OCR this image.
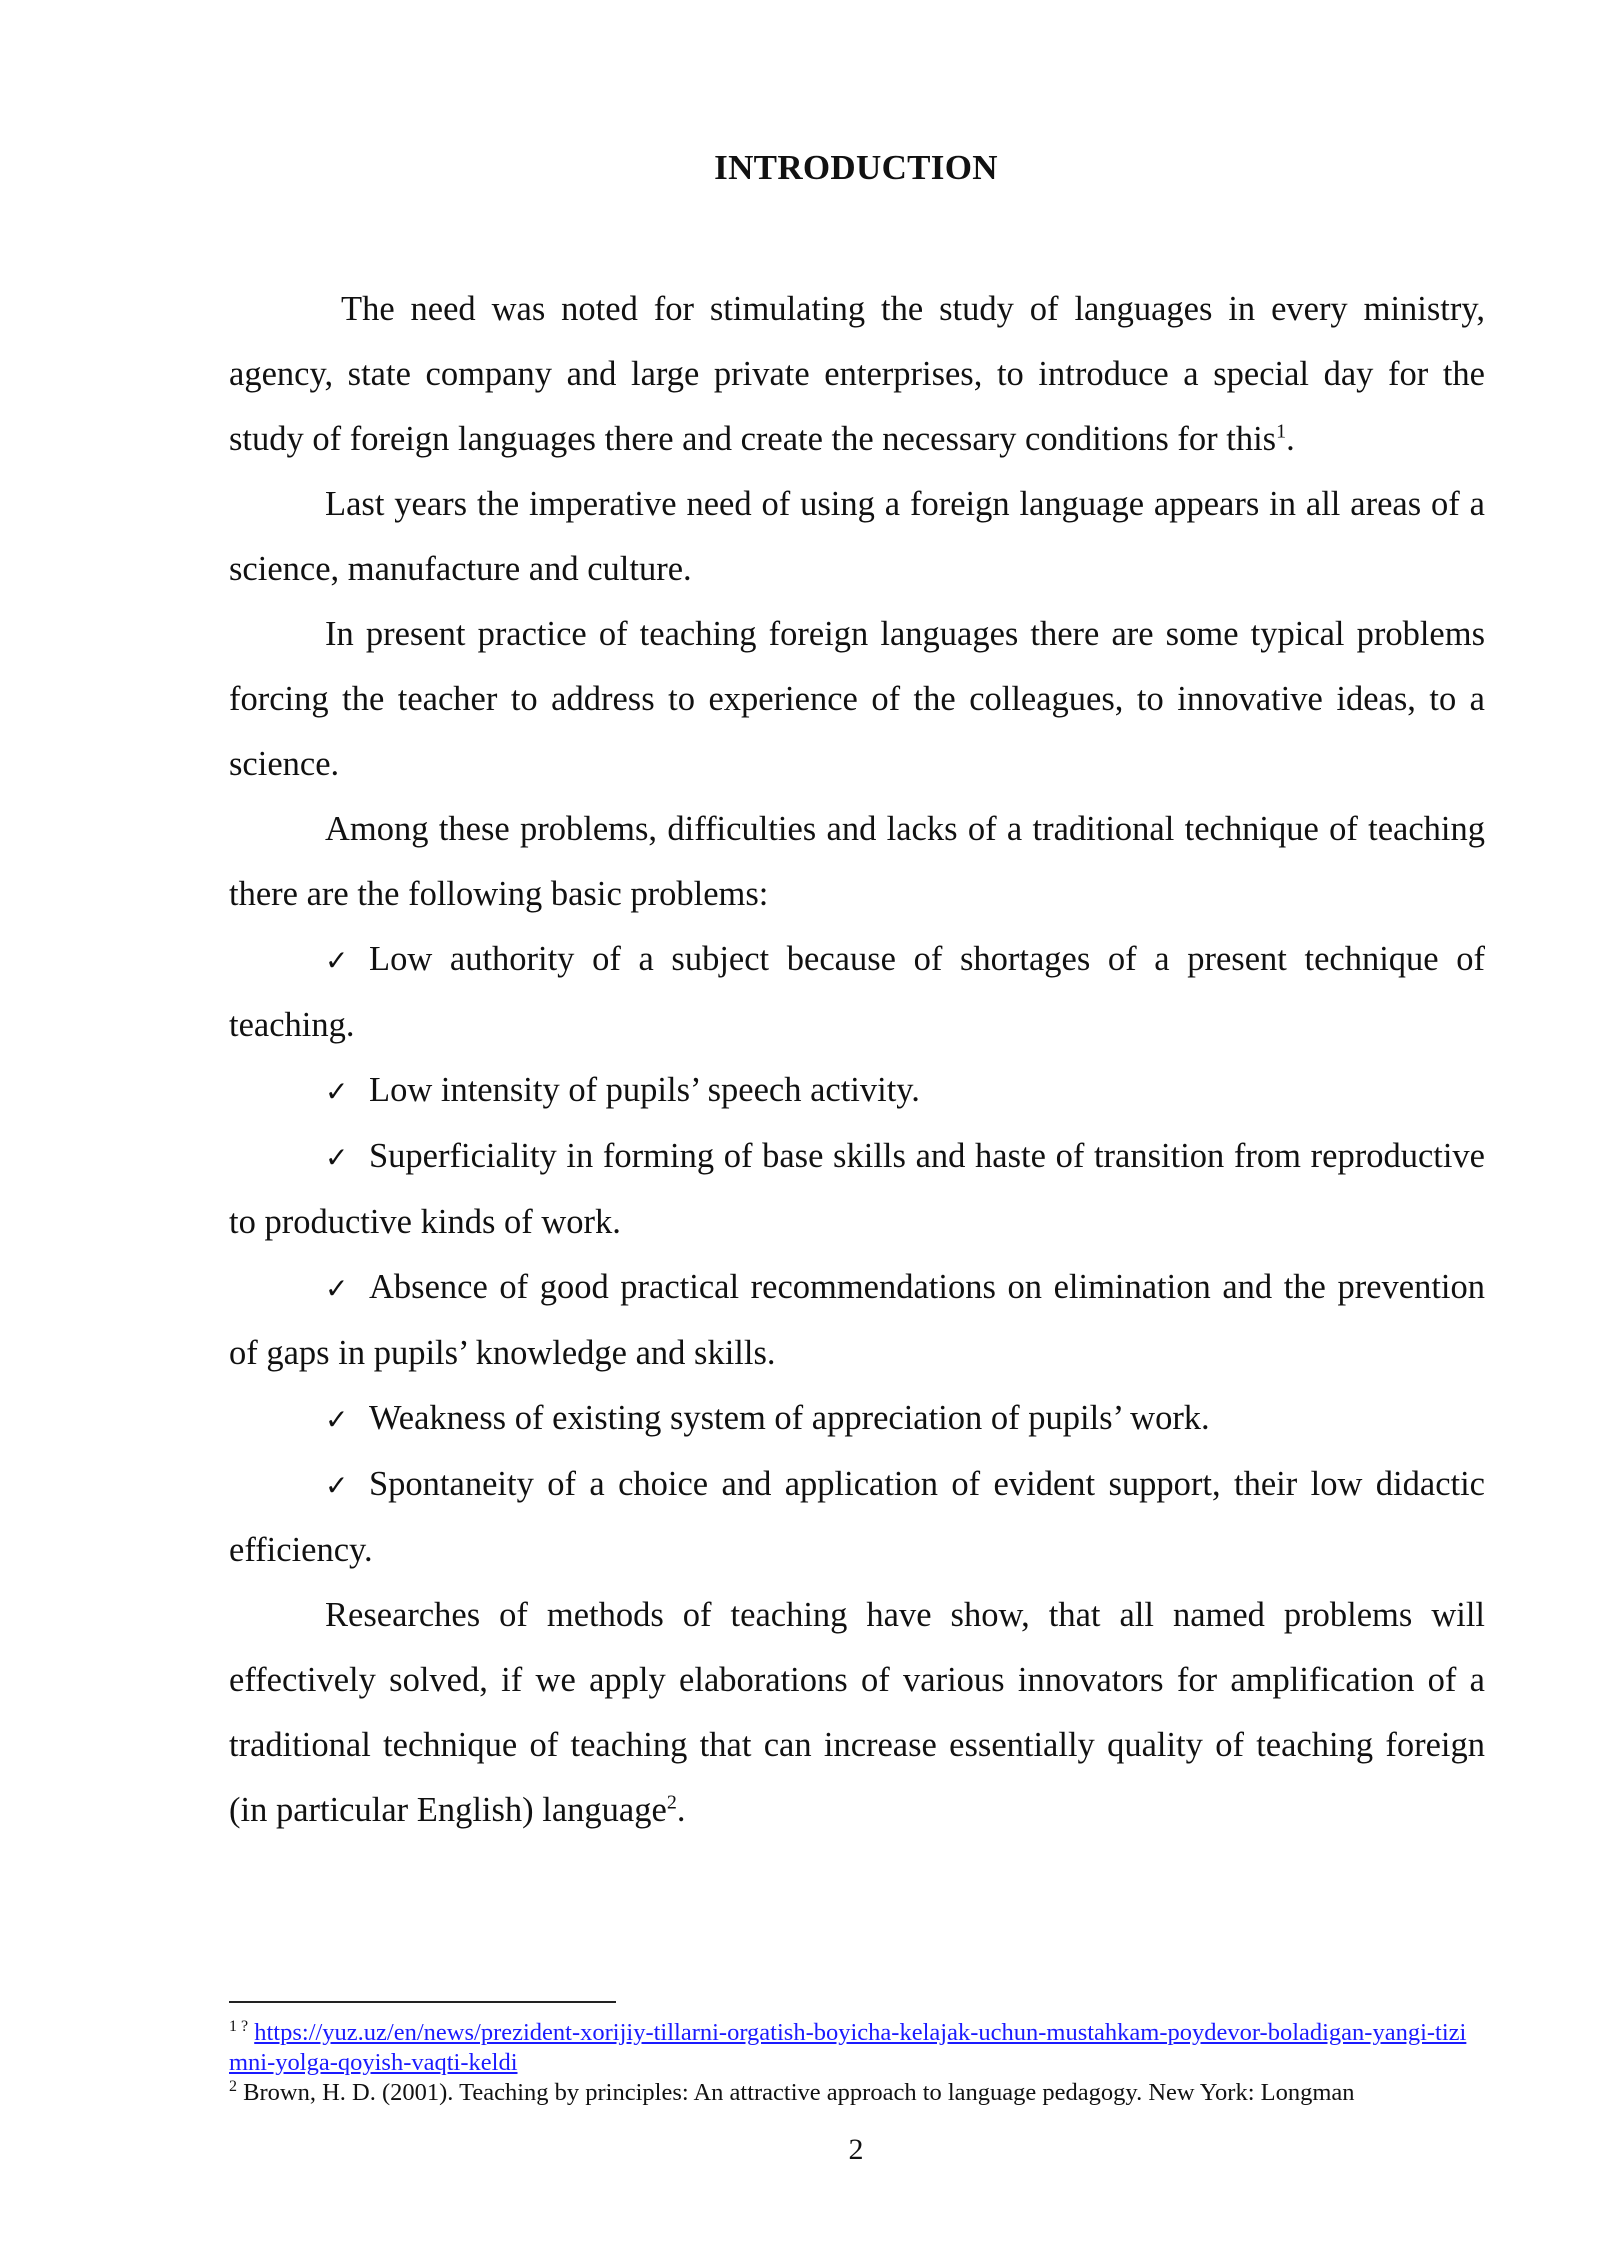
INTRODUCTION

The need was noted for stimulating the study of languages in every ministry, agency, state company and large private enterprises, to introduce a special day for the study of foreign languages there and create the necessary conditions for this$^1$.

Last years the imperative need of using a foreign language appears in all areas of a science, manufacture and culture.

In present practice of teaching foreign languages there are some typical problems forcing the teacher to address to experience of the colleagues, to innovative ideas, to a science.

Among these problems, difficulties and lacks of a traditional technique of teaching there are the following basic problems:

✓ Low authority of a subject because of shortages of a present technique of teaching.

✓ Low intensity of pupils’ speech activity.

✓ Superficiality in forming of base skills and haste of transition from reproductive to productive kinds of work.

✓ Absence of good practical recommendations on elimination and the prevention of gaps in pupils’ knowledge and skills.

✓ Weakness of existing system of appreciation of pupils’ work.

✓ Spontaneity of a choice and application of evident support, their low didactic efficiency.

Researches of methods of teaching have show, that all named problems will effectively solved, if we apply elaborations of various innovators for amplification of a traditional technique of teaching that can increase essentially quality of teaching foreign (in particular English) language$^2$.

$^{1 ?}$ https://yuz.uz/en/news/prezident-xorijiy-tillarni-orgatish-boyicha-kelajak-uchun-mustahkam-poydevor-boladigan-yangi-tizimni-yolga-qoyish-vaqti-keldi

$^2$ Brown, H. D. (2001). Teaching by principles: An attractive approach to language pedagogy. New York: Longman

2
